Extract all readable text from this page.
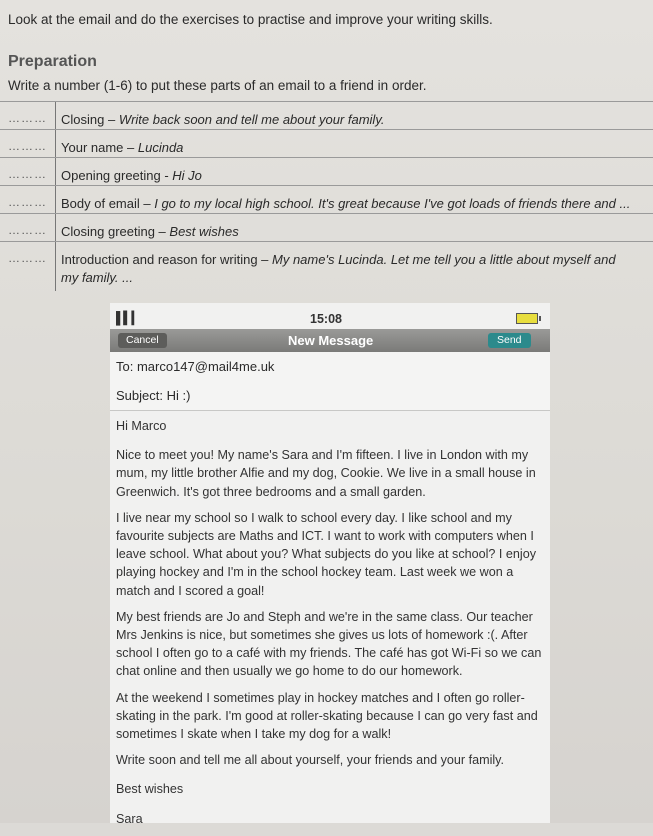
Look at the email and do the exercises to practise and improve your writing skills.
Preparation
Write a number (1-6) to put these parts of an email to a friend in order.
……… Closing – Write back soon and tell me about your family.
……… Your name – Lucinda
……… Opening greeting - Hi Jo
……… Body of email – I go to my local high school. It's great because I've got loads of friends there and ...
……… Closing greeting – Best wishes
……… Introduction and reason for writing – My name's Lucinda. Let me tell you a little about myself and
my family. ...
▌▍▎	15:08
Cancel	New Message	Send
To: marco147@mail4me.uk
Subject: Hi :)

Hi Marco

Nice to meet you! My name's Sara and I'm fifteen. I live in London with my mum, my little brother Alfie and my dog, Cookie. We live in a small house in Greenwich. It's got three bedrooms and a small garden.

I live near my school so I walk to school every day. I like school and my favourite subjects are Maths and ICT. I want to work with computers when I leave school. What about you? What subjects do you like at school? I enjoy playing hockey and I'm in the school hockey team. Last week we won a match and I scored a goal!

My best friends are Jo and Steph and we're in the same class. Our teacher Mrs Jenkins is nice, but sometimes she gives us lots of homework :(. After school I often go to a café with my friends. The café has got Wi-Fi so we can chat online and then usually we go home to do our homework.

At the weekend I sometimes play in hockey matches and I often go roller-skating in the park. I'm good at roller-skating because I can go very fast and sometimes I skate when I take my dog for a walk!

Write soon and tell me all about yourself, your friends and your family.

Best wishes

Sara
